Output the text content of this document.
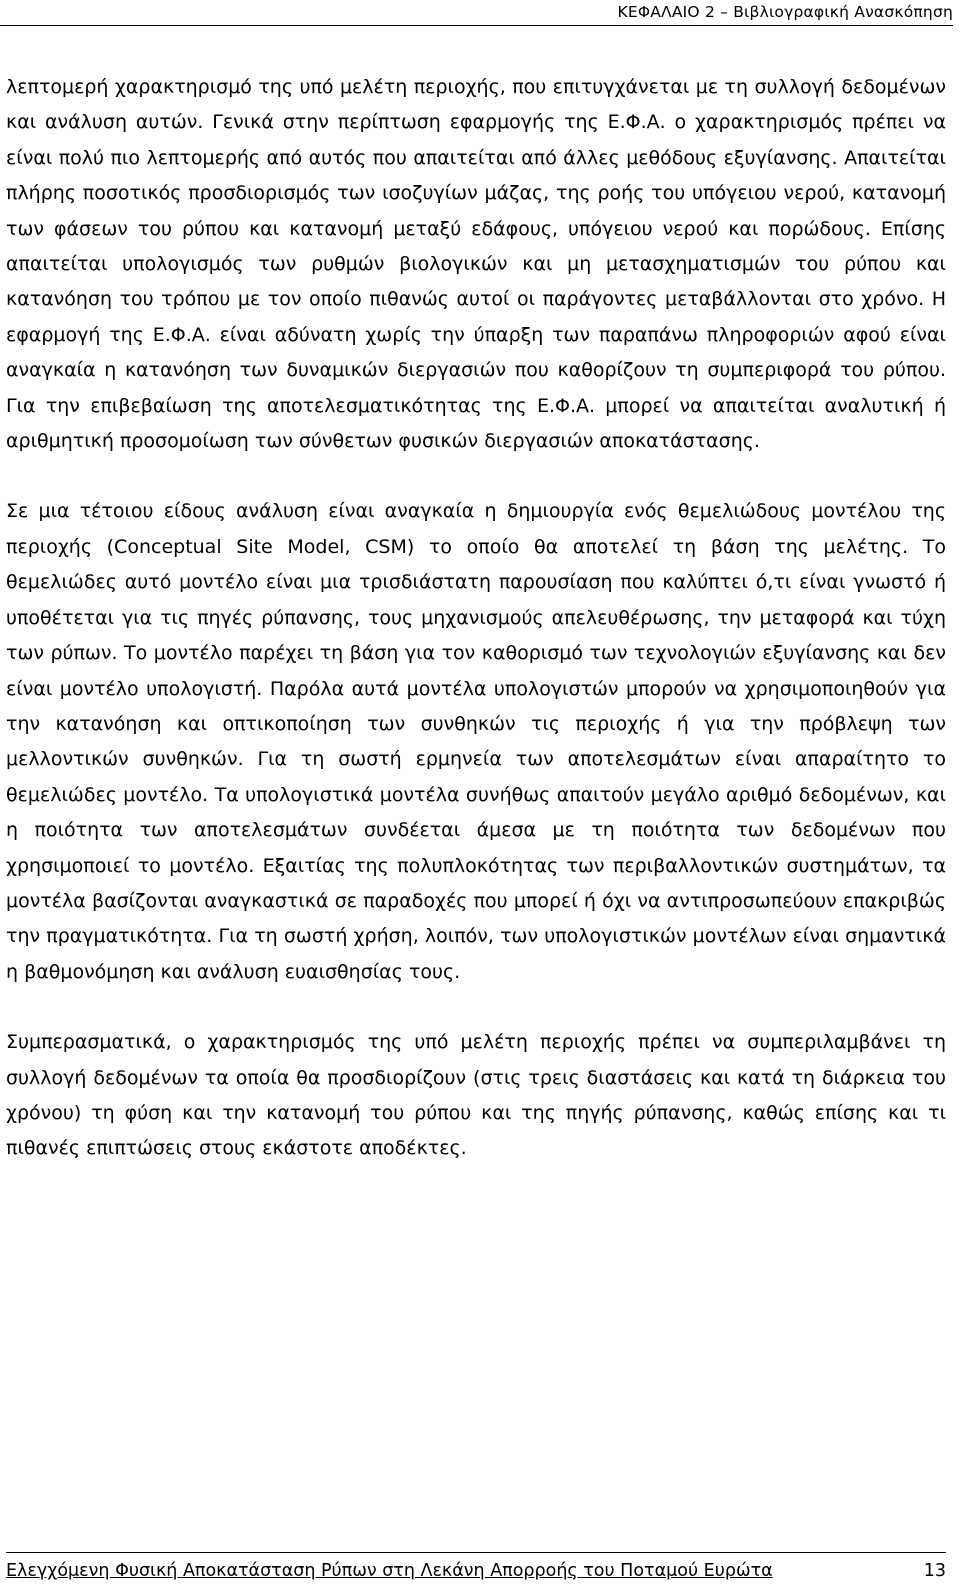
ΚΕΦΑΛΑΙΟ 2 – Βιβλιογραφική Ανασκόπηση

λεπτομερή χαρακτηρισμό της υπό μελέτη περιοχής, που επιτυγχάνεται με τη συλλογή δεδομένων και ανάλυση αυτών. Γενικά στην περίπτωση εφαρμογής της Ε.Φ.Α. ο χαρακτηρισμός πρέπει να είναι πολύ πιο λεπτομερής από αυτός που απαιτείται από άλλες μεθόδους εξυγίανσης. Απαιτείται πλήρης ποσοτικός προσδιορισμός των ισοζυγίων μάζας, της ροής του υπόγειου νερού, κατανομή των φάσεων του ρύπου και κατανομή μεταξύ εδάφους, υπόγειου νερού και πορώδους. Επίσης απαιτείται υπολογισμός των ρυθμών βιολογικών και μη μετασχηματισμών του ρύπου και κατανόηση του τρόπου με τον οποίο πιθανώς αυτοί οι παράγοντες μεταβάλλονται στο χρόνο. Η εφαρμογή της Ε.Φ.Α. είναι αδύνατη χωρίς την ύπαρξη των παραπάνω πληροφοριών αφού είναι αναγκαία η κατανόηση των δυναμικών διεργασιών που καθορίζουν τη συμπεριφορά του ρύπου. Για την επιβεβαίωση της αποτελεσματικότητας της Ε.Φ.Α. μπορεί να απαιτείται αναλυτική ή αριθμητική προσομοίωση των σύνθετων φυσικών διεργασιών αποκατάστασης.

Σε μια τέτοιου είδους ανάλυση είναι αναγκαία η δημιουργία ενός θεμελιώδους μοντέλου της περιοχής (Conceptual Site Model, CSM) το οποίο θα αποτελεί τη βάση της μελέτης. Το θεμελιώδες αυτό μοντέλο είναι μια τρισδιάστατη παρουσίαση που καλύπτει ό,τι είναι γνωστό ή υποθέτεται για τις πηγές ρύπανσης, τους μηχανισμούς απελευθέρωσης, την μεταφορά και τύχη των ρύπων. Το μοντέλο παρέχει τη βάση για τον καθορισμό των τεχνολογιών εξυγίανσης και δεν είναι μοντέλο υπολογιστή. Παρόλα αυτά μοντέλα υπολογιστών μπορούν να χρησιμοποιηθούν για την κατανόηση και οπτικοποίηση των συνθηκών τις περιοχής ή για την πρόβλεψη των μελλοντικών συνθηκών. Για τη σωστή ερμηνεία των αποτελεσμάτων είναι απαραίτητο το θεμελιώδες μοντέλο. Τα υπολογιστικά μοντέλα συνήθως απαιτούν μεγάλο αριθμό δεδομένων, και η ποιότητα των αποτελεσμάτων συνδέεται άμεσα με τη ποιότητα των δεδομένων που χρησιμοποιεί το μοντέλο. Εξαιτίας της πολυπλοκότητας των περιβαλλοντικών συστημάτων, τα μοντέλα βασίζονται αναγκαστικά σε παραδοχές που μπορεί ή όχι να αντιπροσωπεύουν επακριβώς την πραγματικότητα. Για τη σωστή χρήση, λοιπόν, των υπολογιστικών μοντέλων είναι σημαντικά η βαθμονόμηση και ανάλυση ευαισθησίας τους.

Συμπερασματικά, ο χαρακτηρισμός της υπό μελέτη περιοχής πρέπει να συμπεριλαμβάνει τη συλλογή δεδομένων τα οποία θα προσδιορίζουν (στις τρεις διαστάσεις και κατά τη διάρκεια του χρόνου) τη φύση και την κατανομή του ρύπου και της πηγής ρύπανσης, καθώς επίσης και τι πιθανές επιπτώσεις στους εκάστοτε αποδέκτες.

Ελεγχόμενη Φυσική Αποκατάσταση Ρύπων στη Λεκάνη Απορροής του Ποταμού Ευρώτα	13
